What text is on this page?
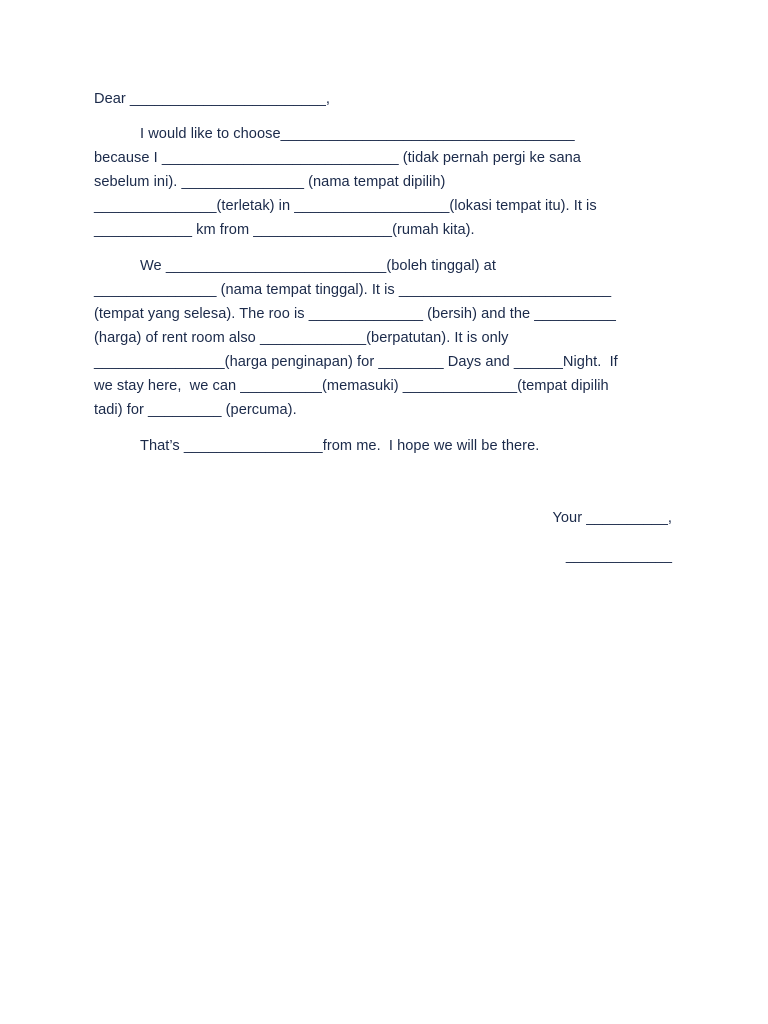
Dear ________________________,
I would like to choose____________________________________
because I _____________________________ (tidak pernah pergi ke sana
sebelum ini). _______________ (nama tempat dipilih)
_______________(terletak) in ___________________(lokasi tempat itu). It is
____________ km from _________________(rumah kita).
We ___________________________(boleh tinggal) at
_______________ (nama tempat tinggal). It is __________________________
(tempat yang selesa). The roo is ______________ (bersih) and the __________
(harga) of rent room also _____________(berpatutan). It is only
________________(harga penginapan) for ________ Days and ______Night.  If
we stay here,  we can __________(memasuki) ______________(tempat dipilih
tadi) for _________ (percuma).
That’s _________________from me.  I hope we will be there.
Your __________,
_____________
